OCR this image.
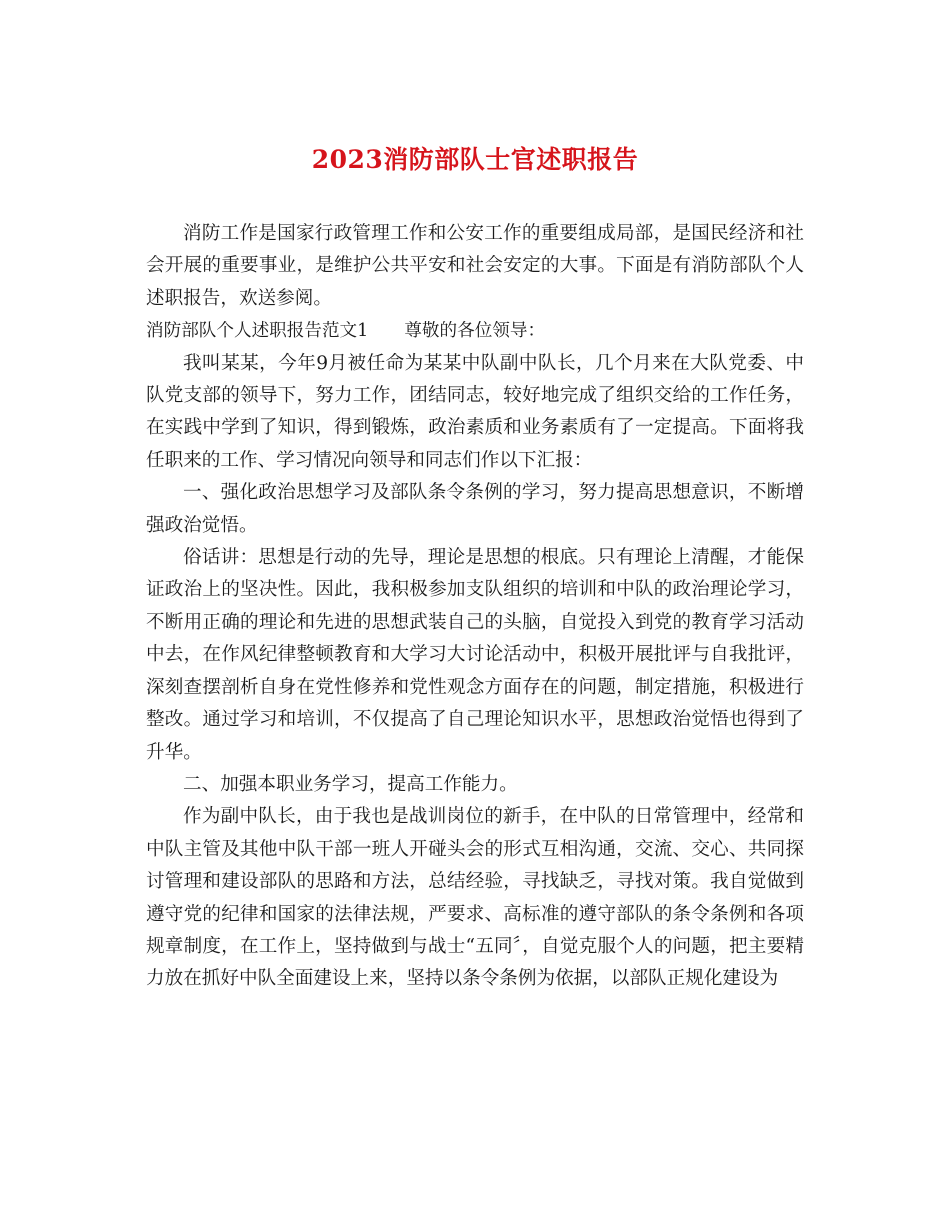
2023消防部队士官述职报告

消防工作是国家行政管理工作和公安工作的重要组成局部，是国民经济和社会开展的重要事业，是维护公共平安和社会安定的大事。下面是有消防部队个人述职报告，欢送参阅。

消防部队个人述职报告范文1 尊敬的各位领导：

我叫某某，今年9月被任命为某某中队副中队长，几个月来在大队党委、中队党支部的领导下，努力工作，团结同志，较好地完成了组织交给的工作任务，在实践中学到了知识，得到锻炼，政治素质和业务素质有了一定提高。下面将我任职来的工作、学习情况向领导和同志们作以下汇报：

一、强化政治思想学习及部队条令条例的学习，努力提高思想意识，不断增强政治觉悟。

俗话讲：思想是行动的先导，理论是思想的根底。只有理论上清醒，才能保证政治上的坚决性。因此，我积极参加支队组织的培训和中队的政治理论学习，不断用正确的理论和先进的思想武装自己的头脑，自觉投入到党的教育学习活动中去，在作风纪律整顿教育和大学习大讨论活动中，积极开展批评与自我批评，深刻查摆剖析自身在党性修养和党性观念方面存在的问题，制定措施，积极进行整改。通过学习和培训，不仅提高了自己理论知识水平，思想政治觉悟也得到了升华。

二、加强本职业务学习，提高工作能力。

作为副中队长，由于我也是战训岗位的新手，在中队的日常管理中，经常和中队主管及其他中队干部一班人开碰头会的形式互相沟通，交流、交心、共同探讨管理和建设部队的思路和方法，总结经验，寻找缺乏，寻找对策。我自觉做到遵守党的纪律和国家的法律法规，严要求、高标准的遵守部队的条令条例和各项规章制度，在工作上，坚持做到与战士“五同〞，自觉克服个人的问题，把主要精力放在抓好中队全面建设上来，坚持以条令条例为依据，以部队正规化建设为
